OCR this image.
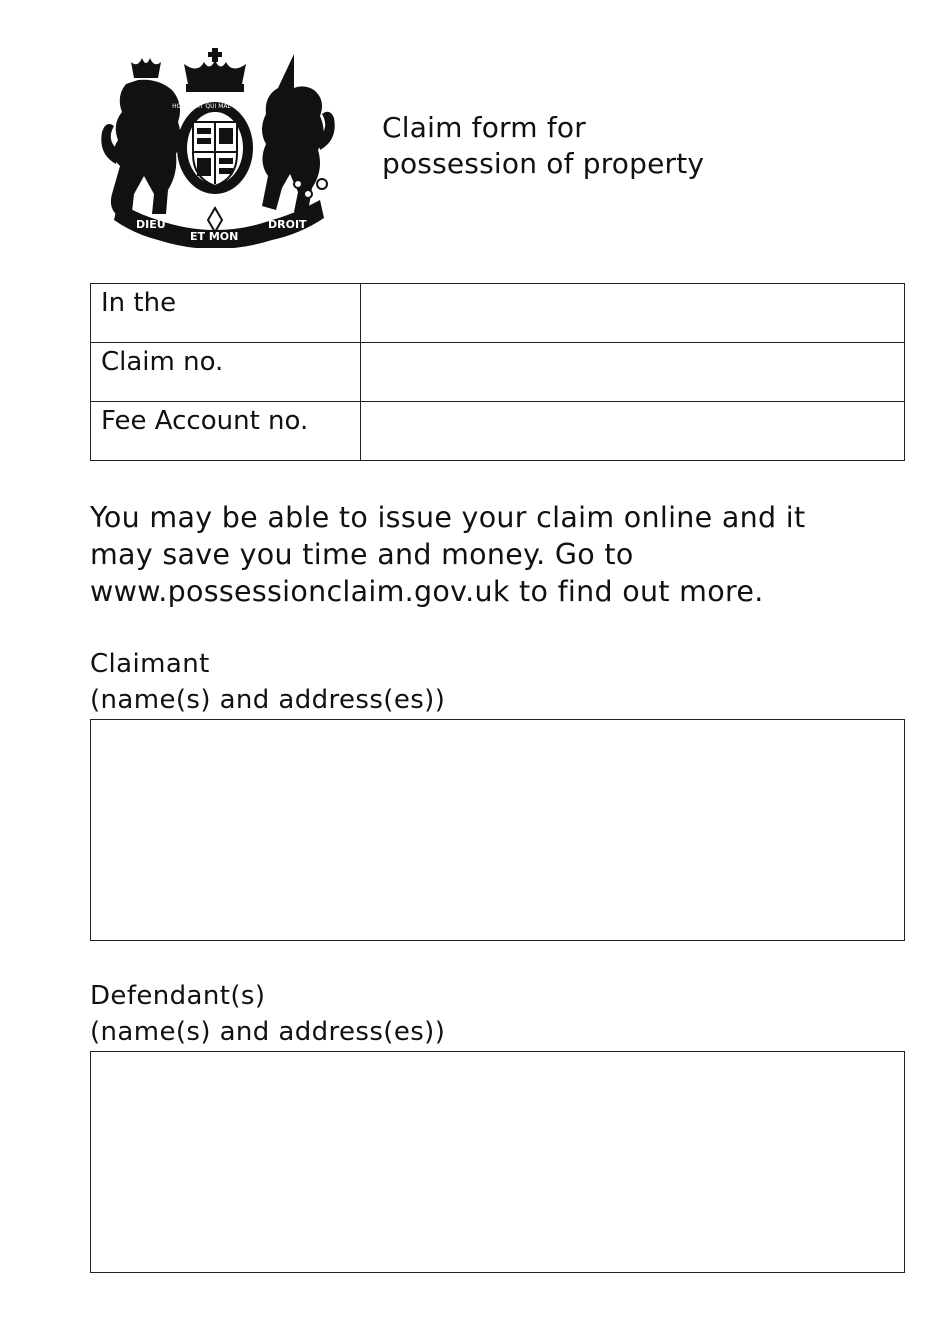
DIEU
ET MON
DROIT
HONI SOIT QUI MAL Y PENSE
Claim form for
possession of property
In the	
Claim no.	
Fee Account no.	

You may be able to issue your claim online and it
may save you time and money. Go to
www.possessionclaim.gov.uk to find out more.

Claimant
(name(s) and address(es))
Defendant(s)
(name(s) and address(es))
